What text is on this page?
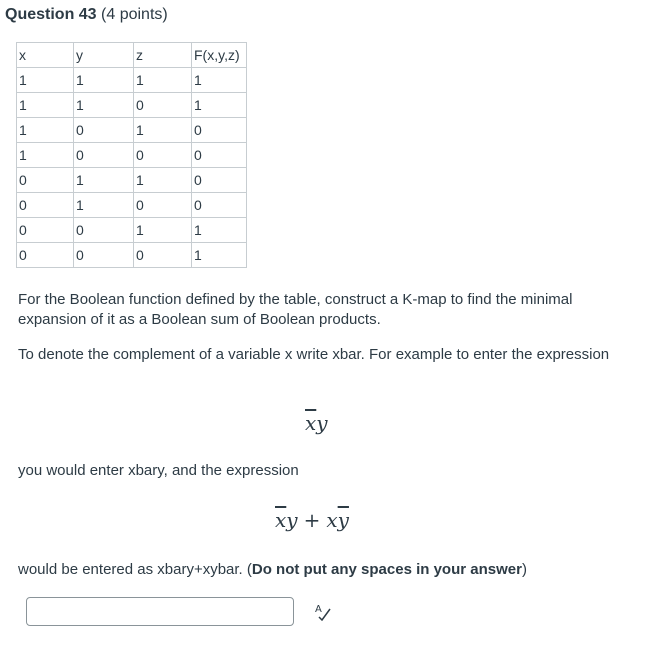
Question 43 (4 points)
x	y	z	F(x,y,z)
1	1	1	1
1	1	0	1
1	0	1	0
1	0	0	0
0	1	1	0
0	1	0	0
0	0	1	1
0	0	0	1

For the Boolean function defined by the table, construct a K-map to find the minimal expansion of it as a Boolean sum of Boolean products.

To denote the complement of a variable x write xbar. For example to enter the expression

$\overline{x}y$

you would enter xbary, and the expression

$\overline{x}y + x\overline{y}$

would be entered as xbary+xybar. (Do not put any spaces in your answer)

A
